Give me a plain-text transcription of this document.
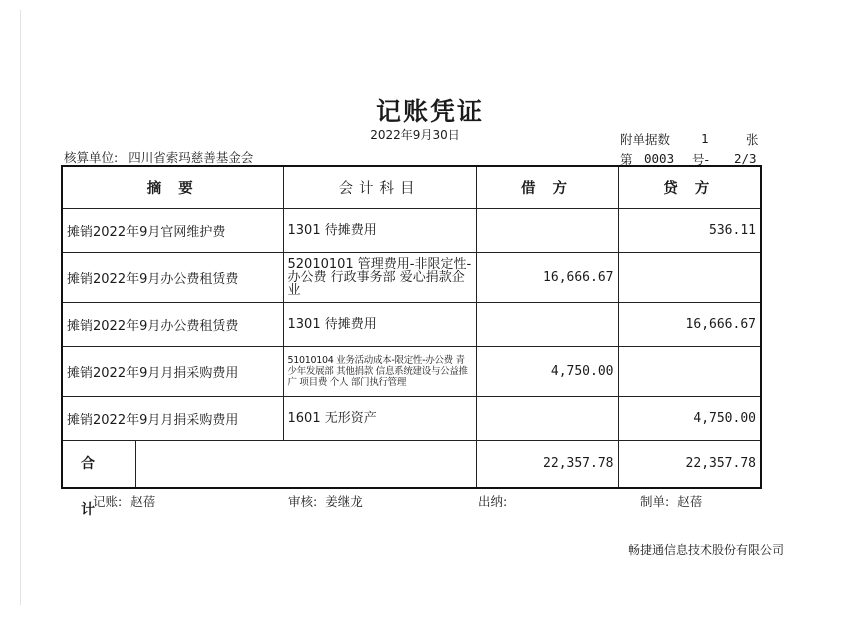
记账凭证
2022年9月30日
核算单位: 四川省索玛慈善基金会
附单据数 1	张
第 0003 号- 2/3
摘 要	会计科目	借 方	贷 方
摊销2022年9月官网维护费	1301 待摊费用		536.11
摊销2022年9月办公费租赁费	52010101 管理费用-非限定性-办公费 行政事务部 爱心捐款企业	16,666.67	
摊销2022年9月办公费租赁费	1301 待摊费用		16,666.67
摊销2022年9月月捐采购费用	51010104 业务活动成本-限定性-办公费 青少年发展部 其他捐款 信息系统建设与公益推广 项目费 个人 部门执行管理	4,750.00	
摊销2022年9月月捐采购费用	1601 无形资产		4,750.00

合 计		22,357.78	22,357.78
记账: 赵蓓	审核: 姜继龙	出纳:	制单: 赵蓓
畅捷通信息技术股份有限公司
